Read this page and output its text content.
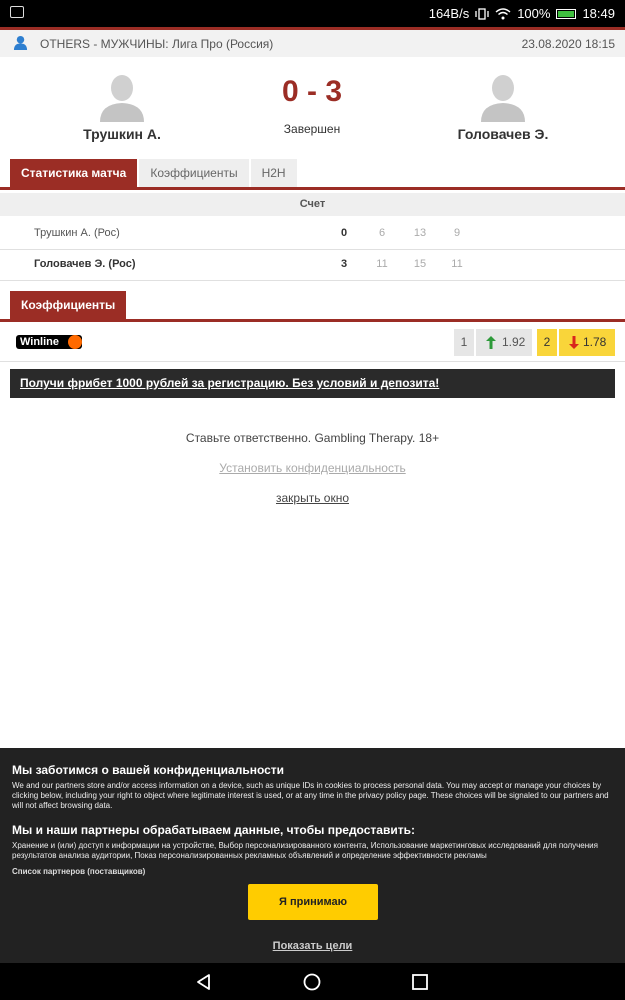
164B/s	100% 18:49
OTHERS - МУЖЧИНЫ: Лига Про (Россия)	23.08.2020 18:15
Трушкин А.
0 - 3
Завершен	Головачев Э.
Статистика матча	Коэффициенты	H2H
Счет
Трушкин А. (Рос)	0	6	13	9
Головачев Э. (Рос)	3	11	15	11
Коэффициенты
Winline	1	1.92	2	1.78
Получи фрибет 1000 рублей за регистрацию. Без условий и депозита!
Ставьте ответственно. Gambling Therapy. 18+
Установить конфиденциальность
закрыть окно
Мы заботимся о вашей конфиденциальности

We and our partners store and/or access information on a device, such as unique IDs in cookies to process personal data. You may accept or manage your choices by clicking below, including your right to object where legitimate interest is used, or at any time in the privacy policy page. These choices will be signaled to our partners and will not affect browsing data.

Мы и наши партнеры обрабатываем данные, чтобы предоставить:

Хранение и (или) доступ к информации на устройстве, Выбор персонализированного контента, Использование маркетинговых исследований для получения результатов анализа аудитории, Показ персонализированных рекламных объявлений и определение эффективности рекламы

Список партнеров (поставщиков)
Я принимаю
Показать цели
